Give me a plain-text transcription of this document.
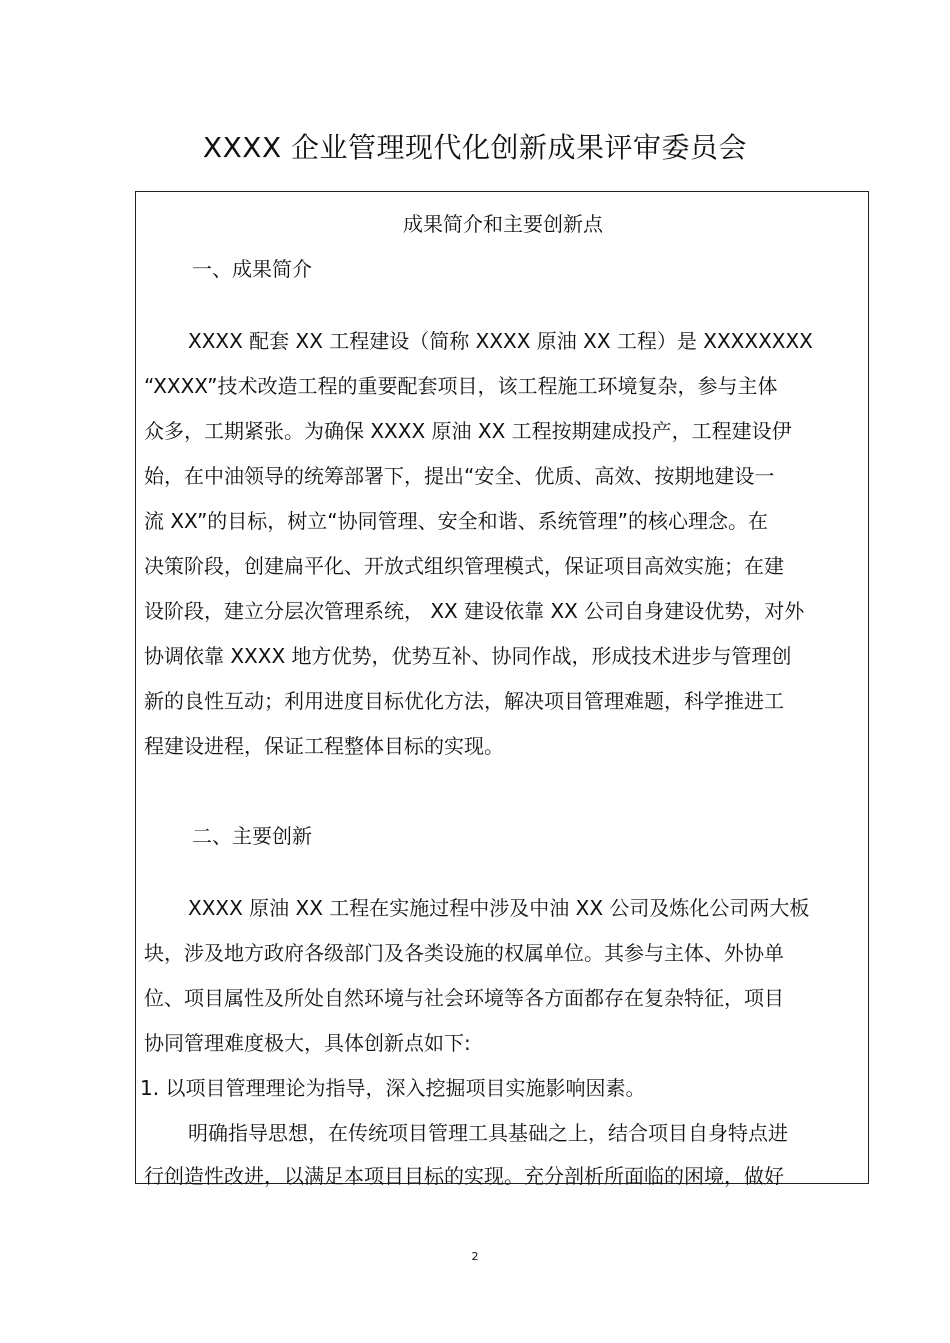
XXXX 企业管理现代化创新成果评审委员会
成果简介和主要创新点
一、成果简介
XXXX 配套 XX 工程建设（简称 XXXX 原油 XX 工程）是 XXXXXXXX
“XXXX”技术改造工程的重要配套项目，该工程施工环境复杂，参与主体
众多，工期紧张。为确保 XXXX 原油 XX 工程按期建成投产，工程建设伊
始，在中油领导的统筹部署下，提出“安全、优质、高效、按期地建设一
流 XX”的目标，树立“协同管理、安全和谐、系统管理”的核心理念。在
决策阶段，创建扁平化、开放式组织管理模式，保证项目高效实施；在建
设阶段，建立分层次管理系统， XX 建设依靠 XX 公司自身建设优势，对外
协调依靠 XXXX 地方优势，优势互补、协同作战，形成技术进步与管理创
新的良性互动；利用进度目标优化方法，解决项目管理难题，科学推进工
程建设进程，保证工程整体目标的实现。
二、主要创新
XXXX 原油 XX 工程在实施过程中涉及中油 XX 公司及炼化公司两大板
块，涉及地方政府各级部门及各类设施的权属单位。其参与主体、外协单
位、项目属性及所处自然环境与社会环境等各方面都存在复杂特征，项目
协同管理难度极大，具体创新点如下:
1. 以项目管理理论为指导，深入挖掘项目实施影响因素。
明确指导思想，在传统项目管理工具基础之上，结合项目自身特点进
行创造性改进，以满足本项目目标的实现。充分剖析所面临的困境，做好
2
